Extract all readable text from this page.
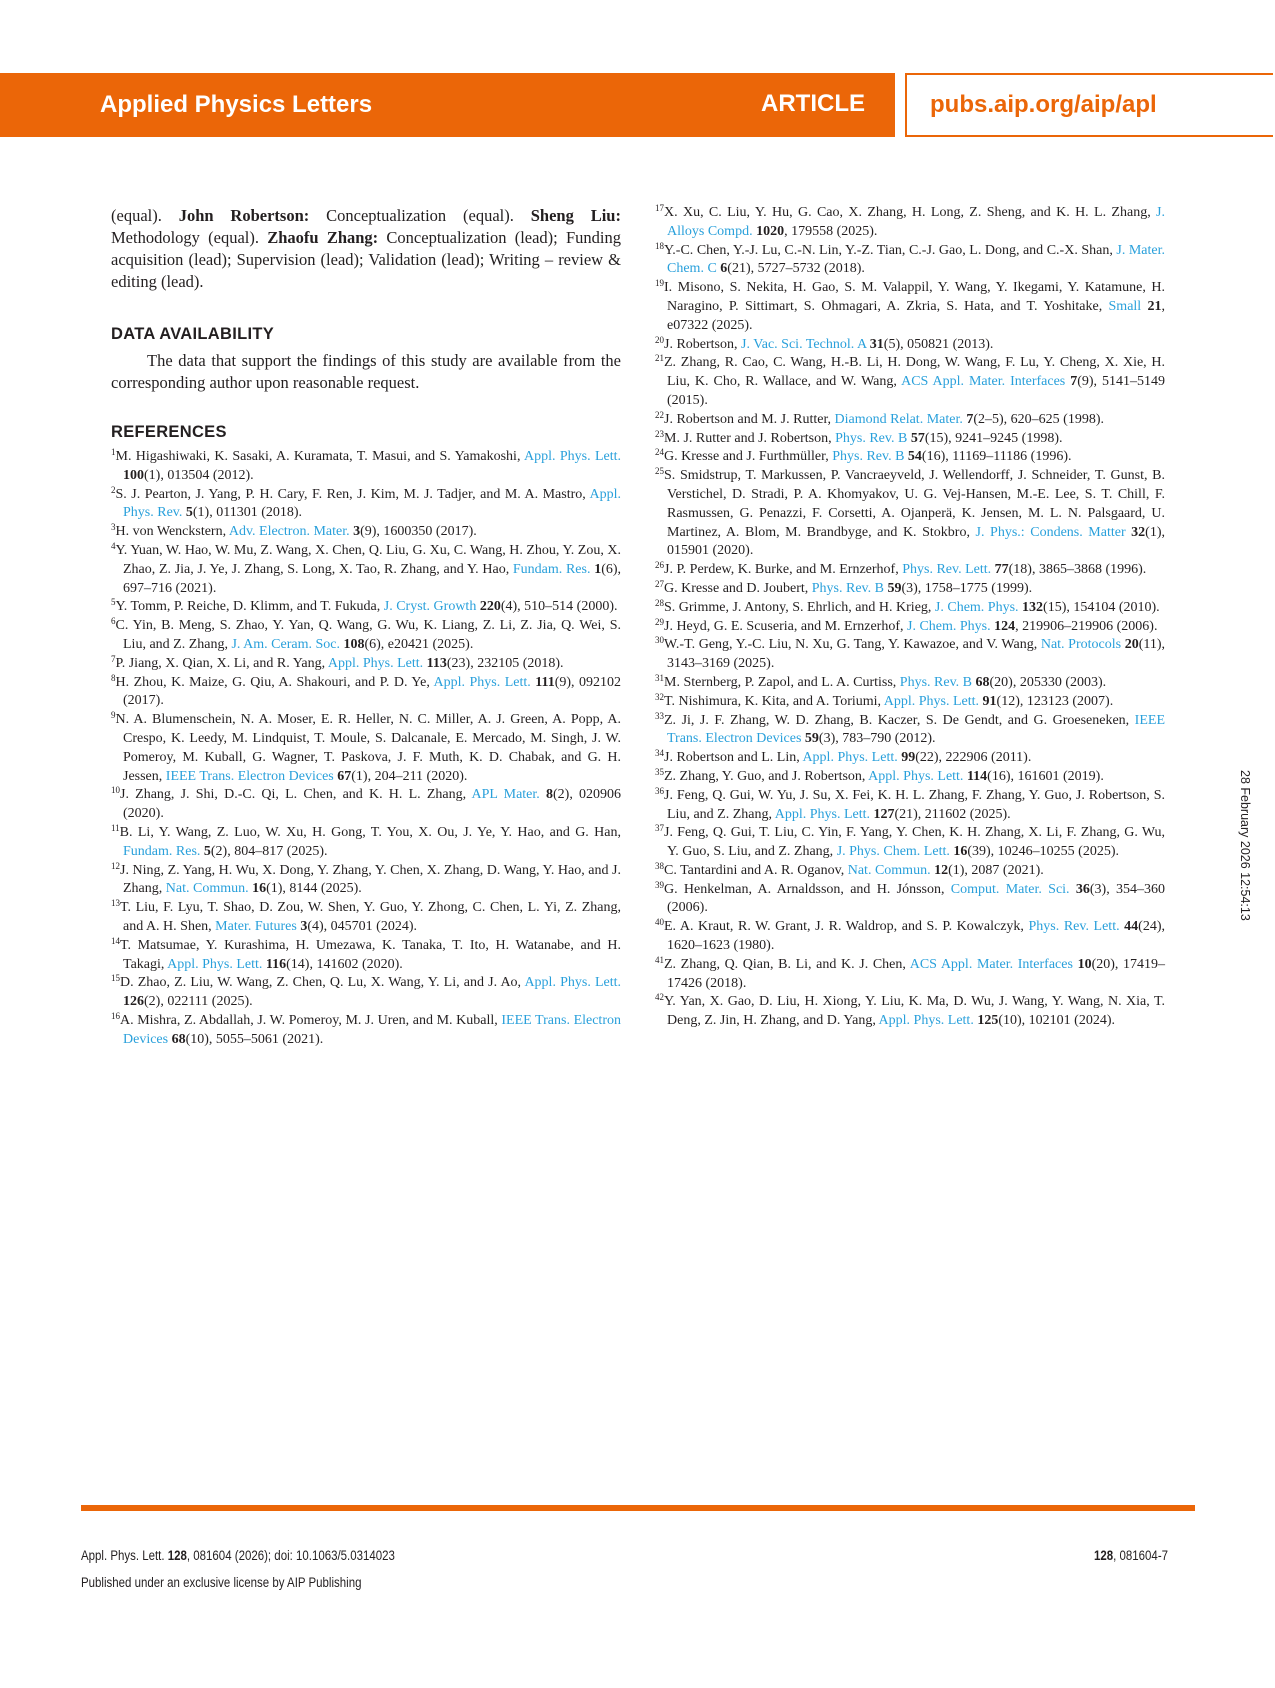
Applied Physics Letters	ARTICLE	pubs.aip.org/aip/apl

(equal). John Robertson: Conceptualization (equal). Sheng Liu: Methodology (equal). Zhaofu Zhang: Conceptualization (lead); Funding acquisition (lead); Supervision (lead); Validation (lead); Writing – review & editing (lead).

DATA AVAILABILITY

The data that support the findings of this study are available from the corresponding author upon reasonable request.

REFERENCES
$^1$M. Higashiwaki, K. Sasaki, A. Kuramata, T. Masui, and S. Yamakoshi, Appl. Phys. Lett. 100(1), 013504 (2012).
$^2$S. J. Pearton, J. Yang, P. H. Cary, F. Ren, J. Kim, M. J. Tadjer, and M. A. Mastro, Appl. Phys. Rev. 5(1), 011301 (2018).
$^3$H. von Wenckstern, Adv. Electron. Mater. 3(9), 1600350 (2017).
$^4$Y. Yuan, W. Hao, W. Mu, Z. Wang, X. Chen, Q. Liu, G. Xu, C. Wang, H. Zhou, Y. Zou, X. Zhao, Z. Jia, J. Ye, J. Zhang, S. Long, X. Tao, R. Zhang, and Y. Hao, Fundam. Res. 1(6), 697–716 (2021).
$^5$Y. Tomm, P. Reiche, D. Klimm, and T. Fukuda, J. Cryst. Growth 220(4), 510–514 (2000).
$^6$C. Yin, B. Meng, S. Zhao, Y. Yan, Q. Wang, G. Wu, K. Liang, Z. Li, Z. Jia, Q. Wei, S. Liu, and Z. Zhang, J. Am. Ceram. Soc. 108(6), e20421 (2025).
$^7$P. Jiang, X. Qian, X. Li, and R. Yang, Appl. Phys. Lett. 113(23), 232105 (2018).
$^8$H. Zhou, K. Maize, G. Qiu, A. Shakouri, and P. D. Ye, Appl. Phys. Lett. 111(9), 092102 (2017).
$^9$N. A. Blumenschein, N. A. Moser, E. R. Heller, N. C. Miller, A. J. Green, A. Popp, A. Crespo, K. Leedy, M. Lindquist, T. Moule, S. Dalcanale, E. Mercado, M. Singh, J. W. Pomeroy, M. Kuball, G. Wagner, T. Paskova, J. F. Muth, K. D. Chabak, and G. H. Jessen, IEEE Trans. Electron Devices 67(1), 204–211 (2020).
$^{10}$J. Zhang, J. Shi, D.-C. Qi, L. Chen, and K. H. L. Zhang, APL Mater. 8(2), 020906 (2020).
$^{11}$B. Li, Y. Wang, Z. Luo, W. Xu, H. Gong, T. You, X. Ou, J. Ye, Y. Hao, and G. Han, Fundam. Res. 5(2), 804–817 (2025).
$^{12}$J. Ning, Z. Yang, H. Wu, X. Dong, Y. Zhang, Y. Chen, X. Zhang, D. Wang, Y. Hao, and J. Zhang, Nat. Commun. 16(1), 8144 (2025).
$^{13}$T. Liu, F. Lyu, T. Shao, D. Zou, W. Shen, Y. Guo, Y. Zhong, C. Chen, L. Yi, Z. Zhang, and A. H. Shen, Mater. Futures 3(4), 045701 (2024).
$^{14}$T. Matsumae, Y. Kurashima, H. Umezawa, K. Tanaka, T. Ito, H. Watanabe, and H. Takagi, Appl. Phys. Lett. 116(14), 141602 (2020).
$^{15}$D. Zhao, Z. Liu, W. Wang, Z. Chen, Q. Lu, X. Wang, Y. Li, and J. Ao, Appl. Phys. Lett. 126(2), 022111 (2025).
$^{16}$A. Mishra, Z. Abdallah, J. W. Pomeroy, M. J. Uren, and M. Kuball, IEEE Trans. Electron Devices 68(10), 5055–5061 (2021).
$^{17}$X. Xu, C. Liu, Y. Hu, G. Cao, X. Zhang, H. Long, Z. Sheng, and K. H. L. Zhang, J. Alloys Compd. 1020, 179558 (2025).
$^{18}$Y.-C. Chen, Y.-J. Lu, C.-N. Lin, Y.-Z. Tian, C.-J. Gao, L. Dong, and C.-X. Shan, J. Mater. Chem. C 6(21), 5727–5732 (2018).
$^{19}$I. Misono, S. Nekita, H. Gao, S. M. Valappil, Y. Wang, Y. Ikegami, Y. Katamune, H. Naragino, P. Sittimart, S. Ohmagari, A. Zkria, S. Hata, and T. Yoshitake, Small 21, e07322 (2025).
$^{20}$J. Robertson, J. Vac. Sci. Technol. A 31(5), 050821 (2013).
$^{21}$Z. Zhang, R. Cao, C. Wang, H.-B. Li, H. Dong, W. Wang, F. Lu, Y. Cheng, X. Xie, H. Liu, K. Cho, R. Wallace, and W. Wang, ACS Appl. Mater. Interfaces 7(9), 5141–5149 (2015).
$^{22}$J. Robertson and M. J. Rutter, Diamond Relat. Mater. 7(2–5), 620–625 (1998).
$^{23}$M. J. Rutter and J. Robertson, Phys. Rev. B 57(15), 9241–9245 (1998).
$^{24}$G. Kresse and J. Furthmüller, Phys. Rev. B 54(16), 11169–11186 (1996).
$^{25}$S. Smidstrup, T. Markussen, P. Vancraeyveld, J. Wellendorff, J. Schneider, T. Gunst, B. Verstichel, D. Stradi, P. A. Khomyakov, U. G. Vej-Hansen, M.-E. Lee, S. T. Chill, F. Rasmussen, G. Penazzi, F. Corsetti, A. Ojanperä, K. Jensen, M. L. N. Palsgaard, U. Martinez, A. Blom, M. Brandbyge, and K. Stokbro, J. Phys.: Condens. Matter 32(1), 015901 (2020).
$^{26}$J. P. Perdew, K. Burke, and M. Ernzerhof, Phys. Rev. Lett. 77(18), 3865–3868 (1996).
$^{27}$G. Kresse and D. Joubert, Phys. Rev. B 59(3), 1758–1775 (1999).
$^{28}$S. Grimme, J. Antony, S. Ehrlich, and H. Krieg, J. Chem. Phys. 132(15), 154104 (2010).
$^{29}$J. Heyd, G. E. Scuseria, and M. Ernzerhof, J. Chem. Phys. 124, 219906–219906 (2006).
$^{30}$W.-T. Geng, Y.-C. Liu, N. Xu, G. Tang, Y. Kawazoe, and V. Wang, Nat. Protocols 20(11), 3143–3169 (2025).
$^{31}$M. Sternberg, P. Zapol, and L. A. Curtiss, Phys. Rev. B 68(20), 205330 (2003).
$^{32}$T. Nishimura, K. Kita, and A. Toriumi, Appl. Phys. Lett. 91(12), 123123 (2007).
$^{33}$Z. Ji, J. F. Zhang, W. D. Zhang, B. Kaczer, S. De Gendt, and G. Groeseneken, IEEE Trans. Electron Devices 59(3), 783–790 (2012).
$^{34}$J. Robertson and L. Lin, Appl. Phys. Lett. 99(22), 222906 (2011).
$^{35}$Z. Zhang, Y. Guo, and J. Robertson, Appl. Phys. Lett. 114(16), 161601 (2019).
$^{36}$J. Feng, Q. Gui, W. Yu, J. Su, X. Fei, K. H. L. Zhang, F. Zhang, Y. Guo, J. Robertson, S. Liu, and Z. Zhang, Appl. Phys. Lett. 127(21), 211602 (2025).
$^{37}$J. Feng, Q. Gui, T. Liu, C. Yin, F. Yang, Y. Chen, K. H. Zhang, X. Li, F. Zhang, G. Wu, Y. Guo, S. Liu, and Z. Zhang, J. Phys. Chem. Lett. 16(39), 10246–10255 (2025).
$^{38}$C. Tantardini and A. R. Oganov, Nat. Commun. 12(1), 2087 (2021).
$^{39}$G. Henkelman, A. Arnaldsson, and H. Jónsson, Comput. Mater. Sci. 36(3), 354–360 (2006).
$^{40}$E. A. Kraut, R. W. Grant, J. R. Waldrop, and S. P. Kowalczyk, Phys. Rev. Lett. 44(24), 1620–1623 (1980).
$^{41}$Z. Zhang, Q. Qian, B. Li, and K. J. Chen, ACS Appl. Mater. Interfaces 10(20), 17419–17426 (2018).
$^{42}$Y. Yan, X. Gao, D. Liu, H. Xiong, Y. Liu, K. Ma, D. Wu, J. Wang, Y. Wang, N. Xia, T. Deng, Z. Jin, H. Zhang, and D. Yang, Appl. Phys. Lett. 125(10), 102101 (2024).
28 February 2026 12:54:13
Appl. Phys. Lett. 128, 081604 (2026); doi: 10.1063/5.0314023
Published under an exclusive license by AIP Publishing
128, 081604-7
